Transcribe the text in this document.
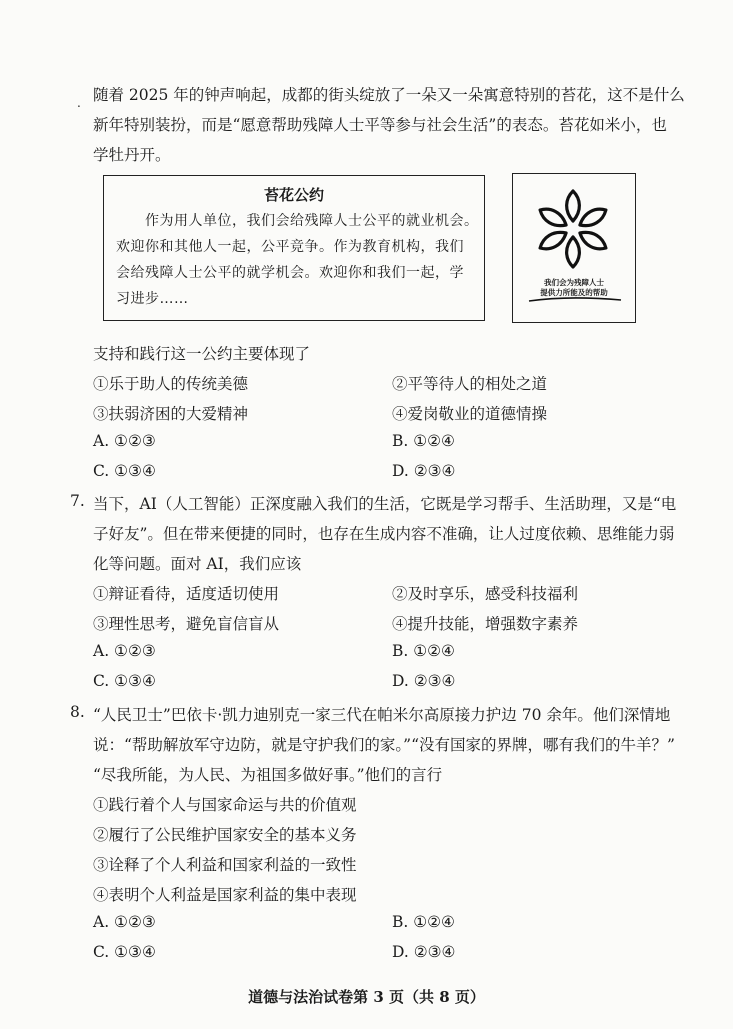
. 随着 2025 年的钟声响起，成都的街头绽放了一朵又一朵寓意特别的苔花，这不是什么
新年特别装扮，而是“愿意帮助残障人士平等参与社会生活”的表态。苔花如米小，也
学牡丹开。
苔花公约
　　作为用人单位，我们会给残障人士公平的就业机会。
欢迎你和其他人一起，公平竞争。作为教育机构，我们
会给残障人士公平的就学机会。欢迎你和我们一起，学
习进步……
我们会为残障人士
提供力所能及的帮助
支持和践行这一公约主要体现了
①乐于助人的传统美德	②平等待人的相处之道
③扶弱济困的大爱精神	④爱岗敬业的道德情操
A. ①②③	B. ①②④
C. ①③④	D. ②③④
7. 当下，AI（人工智能）正深度融入我们的生活，它既是学习帮手、生活助理，又是“电
子好友”。但在带来便捷的同时，也存在生成内容不准确，让人过度依赖、思维能力弱
化等问题。面对 AI，我们应该
①辩证看待，适度适切使用	②及时享乐，感受科技福利
③理性思考，避免盲信盲从	④提升技能，增强数字素养
A. ①②③	B. ①②④
C. ①③④	D. ②③④
8. “人民卫士”巴依卡·凯力迪别克一家三代在帕米尔高原接力护边 70 余年。他们深情地
说：“帮助解放军守边防，就是守护我们的家。”“没有国家的界牌，哪有我们的牛羊？”
“尽我所能，为人民、为祖国多做好事。”他们的言行
①践行着个人与国家命运与共的价值观
②履行了公民维护国家安全的基本义务
③诠释了个人利益和国家利益的一致性
④表明个人利益是国家利益的集中表现
A. ①②③	B. ①②④
C. ①③④	D. ②③④
道德与法治试卷第 3 页（共 8 页）
